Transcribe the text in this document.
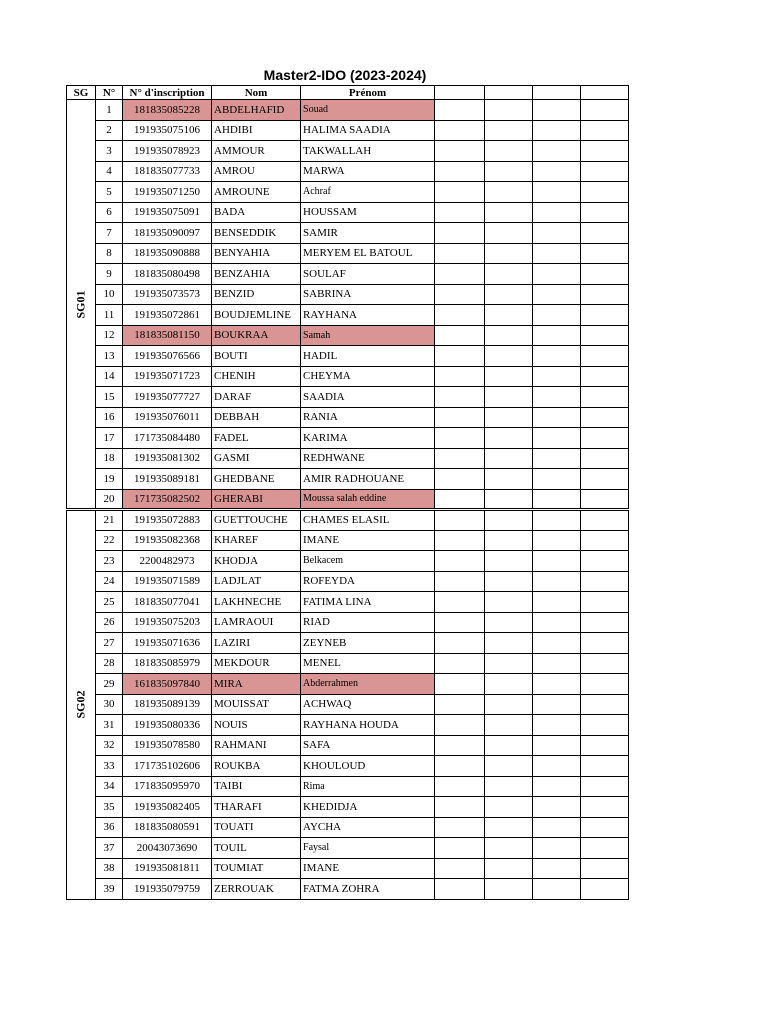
Master2-IDO (2023-2024)
SG	N°	N° d'inscription	Nom	Prénom				
SG01	1	181835085228	ABDELHAFID	Souad				
	2	191935075106	AHDIBI	HALIMA SAADIA				
	3	191935078923	AMMOUR	TAKWALLAH				
	4	181835077733	AMROU	MARWA				
	5	191935071250	AMROUNE	Achraf				
	6	191935075091	BADA	HOUSSAM				
	7	181935090097	BENSEDDIK	SAMIR				
	8	181935090888	BENYAHIA	MERYEM EL BATOUL				
	9	181835080498	BENZAHIA	SOULAF				
	10	191935073573	BENZID	SABRINA				
	11	191935072861	BOUDJEMLINE	RAYHANA				
	12	181835081150	BOUKRAA	Samah				
	13	191935076566	BOUTI	HADIL				
	14	191935071723	CHENIH	CHEYMA				
	15	191935077727	DARAF	SAADIA				
	16	191935076011	DEBBAH	RANIA				
	17	171735084480	FADEL	KARIMA				
	18	191935081302	GASMI	REDHWANE				
	19	191935089181	GHEDBANE	AMIR RADHOUANE				
	20	171735082502	GHERABI	Moussa salah eddine				
SG02	21	191935072883	GUETTOUCHE	CHAMES ELASIL				
	22	191935082368	KHAREF	IMANE				
	23	2200482973	KHODJA	Belkacem				
	24	191935071589	LADJLAT	ROFEYDA				
	25	181835077041	LAKHNECHE	FATIMA LINA				
	26	191935075203	LAMRAOUI	RIAD				
	27	191935071636	LAZIRI	ZEYNEB				
	28	181835085979	MEKDOUR	MENEL				
	29	161835097840	MIRA	Abderrahmen				
	30	181935089139	MOUISSAT	ACHWAQ				
	31	191935080336	NOUIS	RAYHANA HOUDA				
	32	191935078580	RAHMANI	SAFA				
	33	171735102606	ROUKBA	KHOULOUD				
	34	171835095970	TAIBI	Rima				
	35	191935082405	THARAFI	KHEDIDJA				
	36	181835080591	TOUATI	AYCHA				
	37	20043073690	TOUIL	Faysal				
	38	191935081811	TOUMIAT	IMANE				
	39	191935079759	ZERROUAK	FATMA ZOHRA				
